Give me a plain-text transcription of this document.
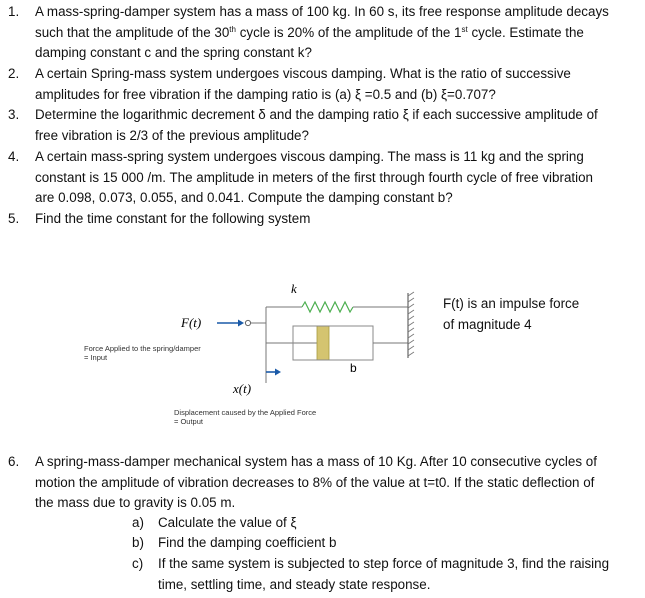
1.	A mass-spring-damper system has a mass of 100 kg. In 60 s, its free response amplitude decays
such that the amplitude of the 30th cycle is 20% of the amplitude of the 1st cycle. Estimate the
damping constant c and the spring constant k?
2.	A certain Spring-mass system undergoes viscous damping. What is the ratio of successive
amplitudes for free vibration if the damping ratio is (a) ξ =0.5 and (b) ξ=0.707?
3.	Determine the logarithmic decrement δ and the damping ratio ξ if each successive amplitude of
free vibration is 2/3 of the previous amplitude?
4.	A certain mass-spring system undergoes viscous damping. The mass is 11 kg and the spring
constant is 15 000 /m. The amplitude in meters of the first through fourth cycle of free vibration
are 0.098, 0.073, 0.055, and 0.041. Compute the damping constant b?
5.	Find the time constant for the following system
k
F(t)
b
x(t)
Force Applied to the spring/damper
= Input
Displacement caused by the Applied Force
= Output
F(t) is an impulse force
of magnitude 4
6.	A spring-mass-damper mechanical system has a mass of 10 Kg. After 10 consecutive cycles of
motion the amplitude of vibration decreases to 8% of the value at t=t0. If the static deflection of
the mass due to gravity is 0.05 m.
a)	Calculate the value of ξ
b)	Find the damping coefficient b
c)	If the same system is subjected to step force of magnitude 3, find the raising
time, settling time, and steady state response.
